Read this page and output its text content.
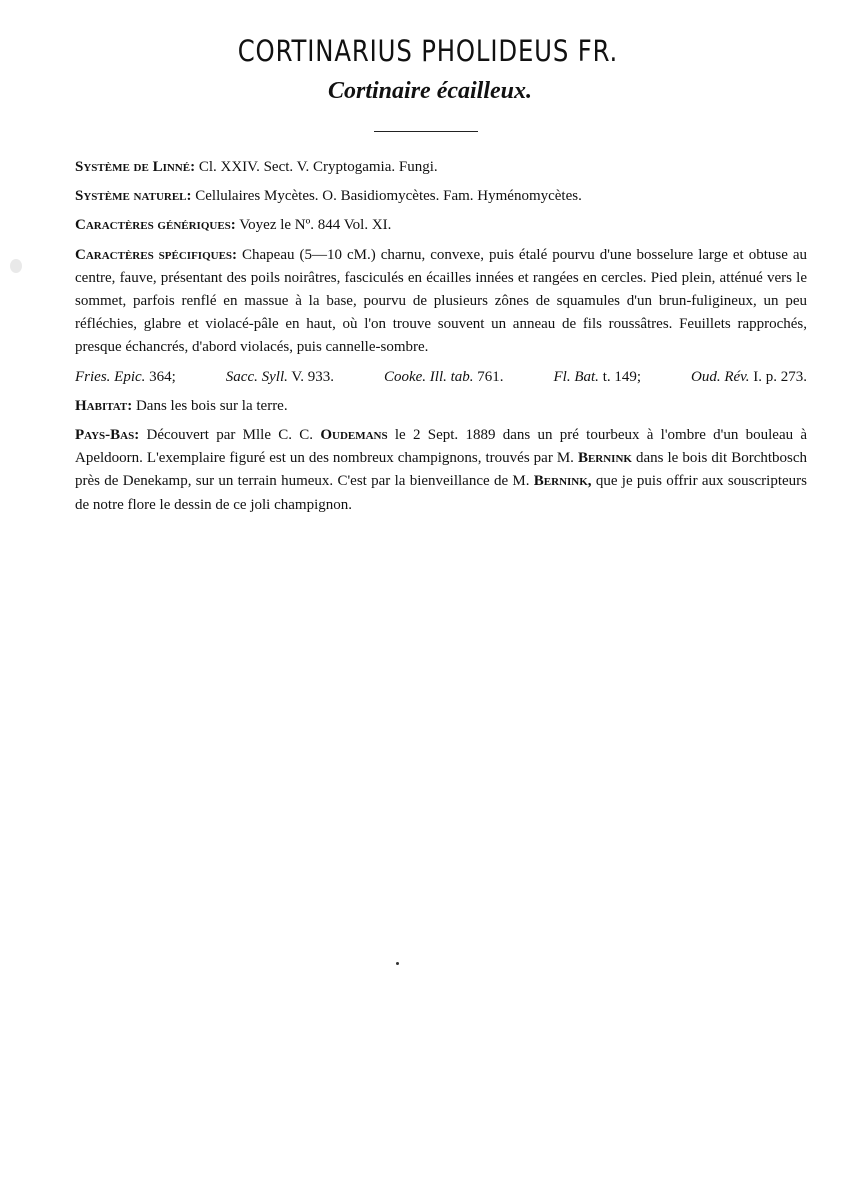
CORTINARIUS PHOLIDEUS FR.
Cortinaire écailleux.

Système de Linné: Cl. XXIV. Sect. V. Cryptogamia. Fungi.

Système naturel: Cellulaires Mycètes. O. Basidiomycètes. Fam. Hyménomycètes.

Caractères génériques: Voyez le Nº. 844 Vol. XI.

Caractères spécifiques: Chapeau (5—10 cM.) charnu, convexe, puis étalé pourvu d'une bosselure large et obtuse au centre, fauve, présentant des poils noirâtres, fasciculés en écailles innées et rangées en cercles. Pied plein, atténué vers le sommet, parfois renflé en massue à la base, pourvu de plusieurs zônes de squamules d'un brun-fuligineux, un peu réfléchies, glabre et violacé-pâle en haut, où l'on trouve souvent un anneau de fils roussâtres. Feuillets rapprochés, presque échancrés, d'abord violacés, puis cannelle-sombre.

Fries. Epic. 364;	Sacc. Syll. V. 933.	Cooke. Ill. tab. 761.	Fl. Bat. t. 149;	Oud. Rév. I. p. 273.

Habitat: Dans les bois sur la terre.

Pays-Bas: Découvert par Mlle C. C. Oudemans le 2 Sept. 1889 dans un pré tourbeux à l'ombre d'un bouleau à Apeldoorn. L'exemplaire figuré est un des nombreux champignons, trouvés par M. Bernink dans le bois dit Borchtbosch près de Denekamp, sur un terrain humeux. C'est par la bienveillance de M. Bernink, que je puis offrir aux souscripteurs de notre flore le dessin de ce joli champignon.
